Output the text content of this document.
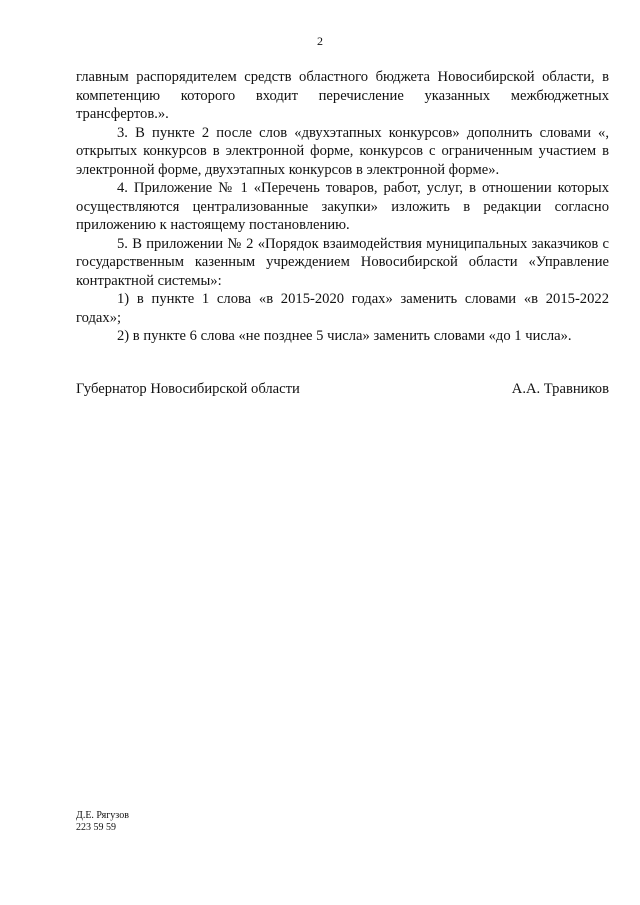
2

главным распорядителем средств областного бюджета Новосибирской области, в компетенцию которого входит перечисление указанных межбюджетных трансфертов.».

3. В пункте 2 после слов «двухэтапных конкурсов» дополнить словами «, открытых конкурсов в электронной форме, конкурсов с ограниченным участием в электронной форме, двухэтапных конкурсов в электронной форме».

4. Приложение № 1 «Перечень товаров, работ, услуг, в отношении которых осуществляются централизованные закупки» изложить в редакции согласно приложению к настоящему постановлению.

5. В приложении № 2 «Порядок взаимодействия муниципальных заказчиков с государственным казенным учреждением Новосибирской области «Управление контрактной системы»:

1) в пункте 1 слова «в 2015-2020 годах» заменить словами «в 2015-2022 годах»;

2) в пункте 6 слова «не позднее 5 числа» заменить словами «до 1 числа».

Губернатор Новосибирской области	А.А. Травников
Д.Е. Рягузов
223 59 59
